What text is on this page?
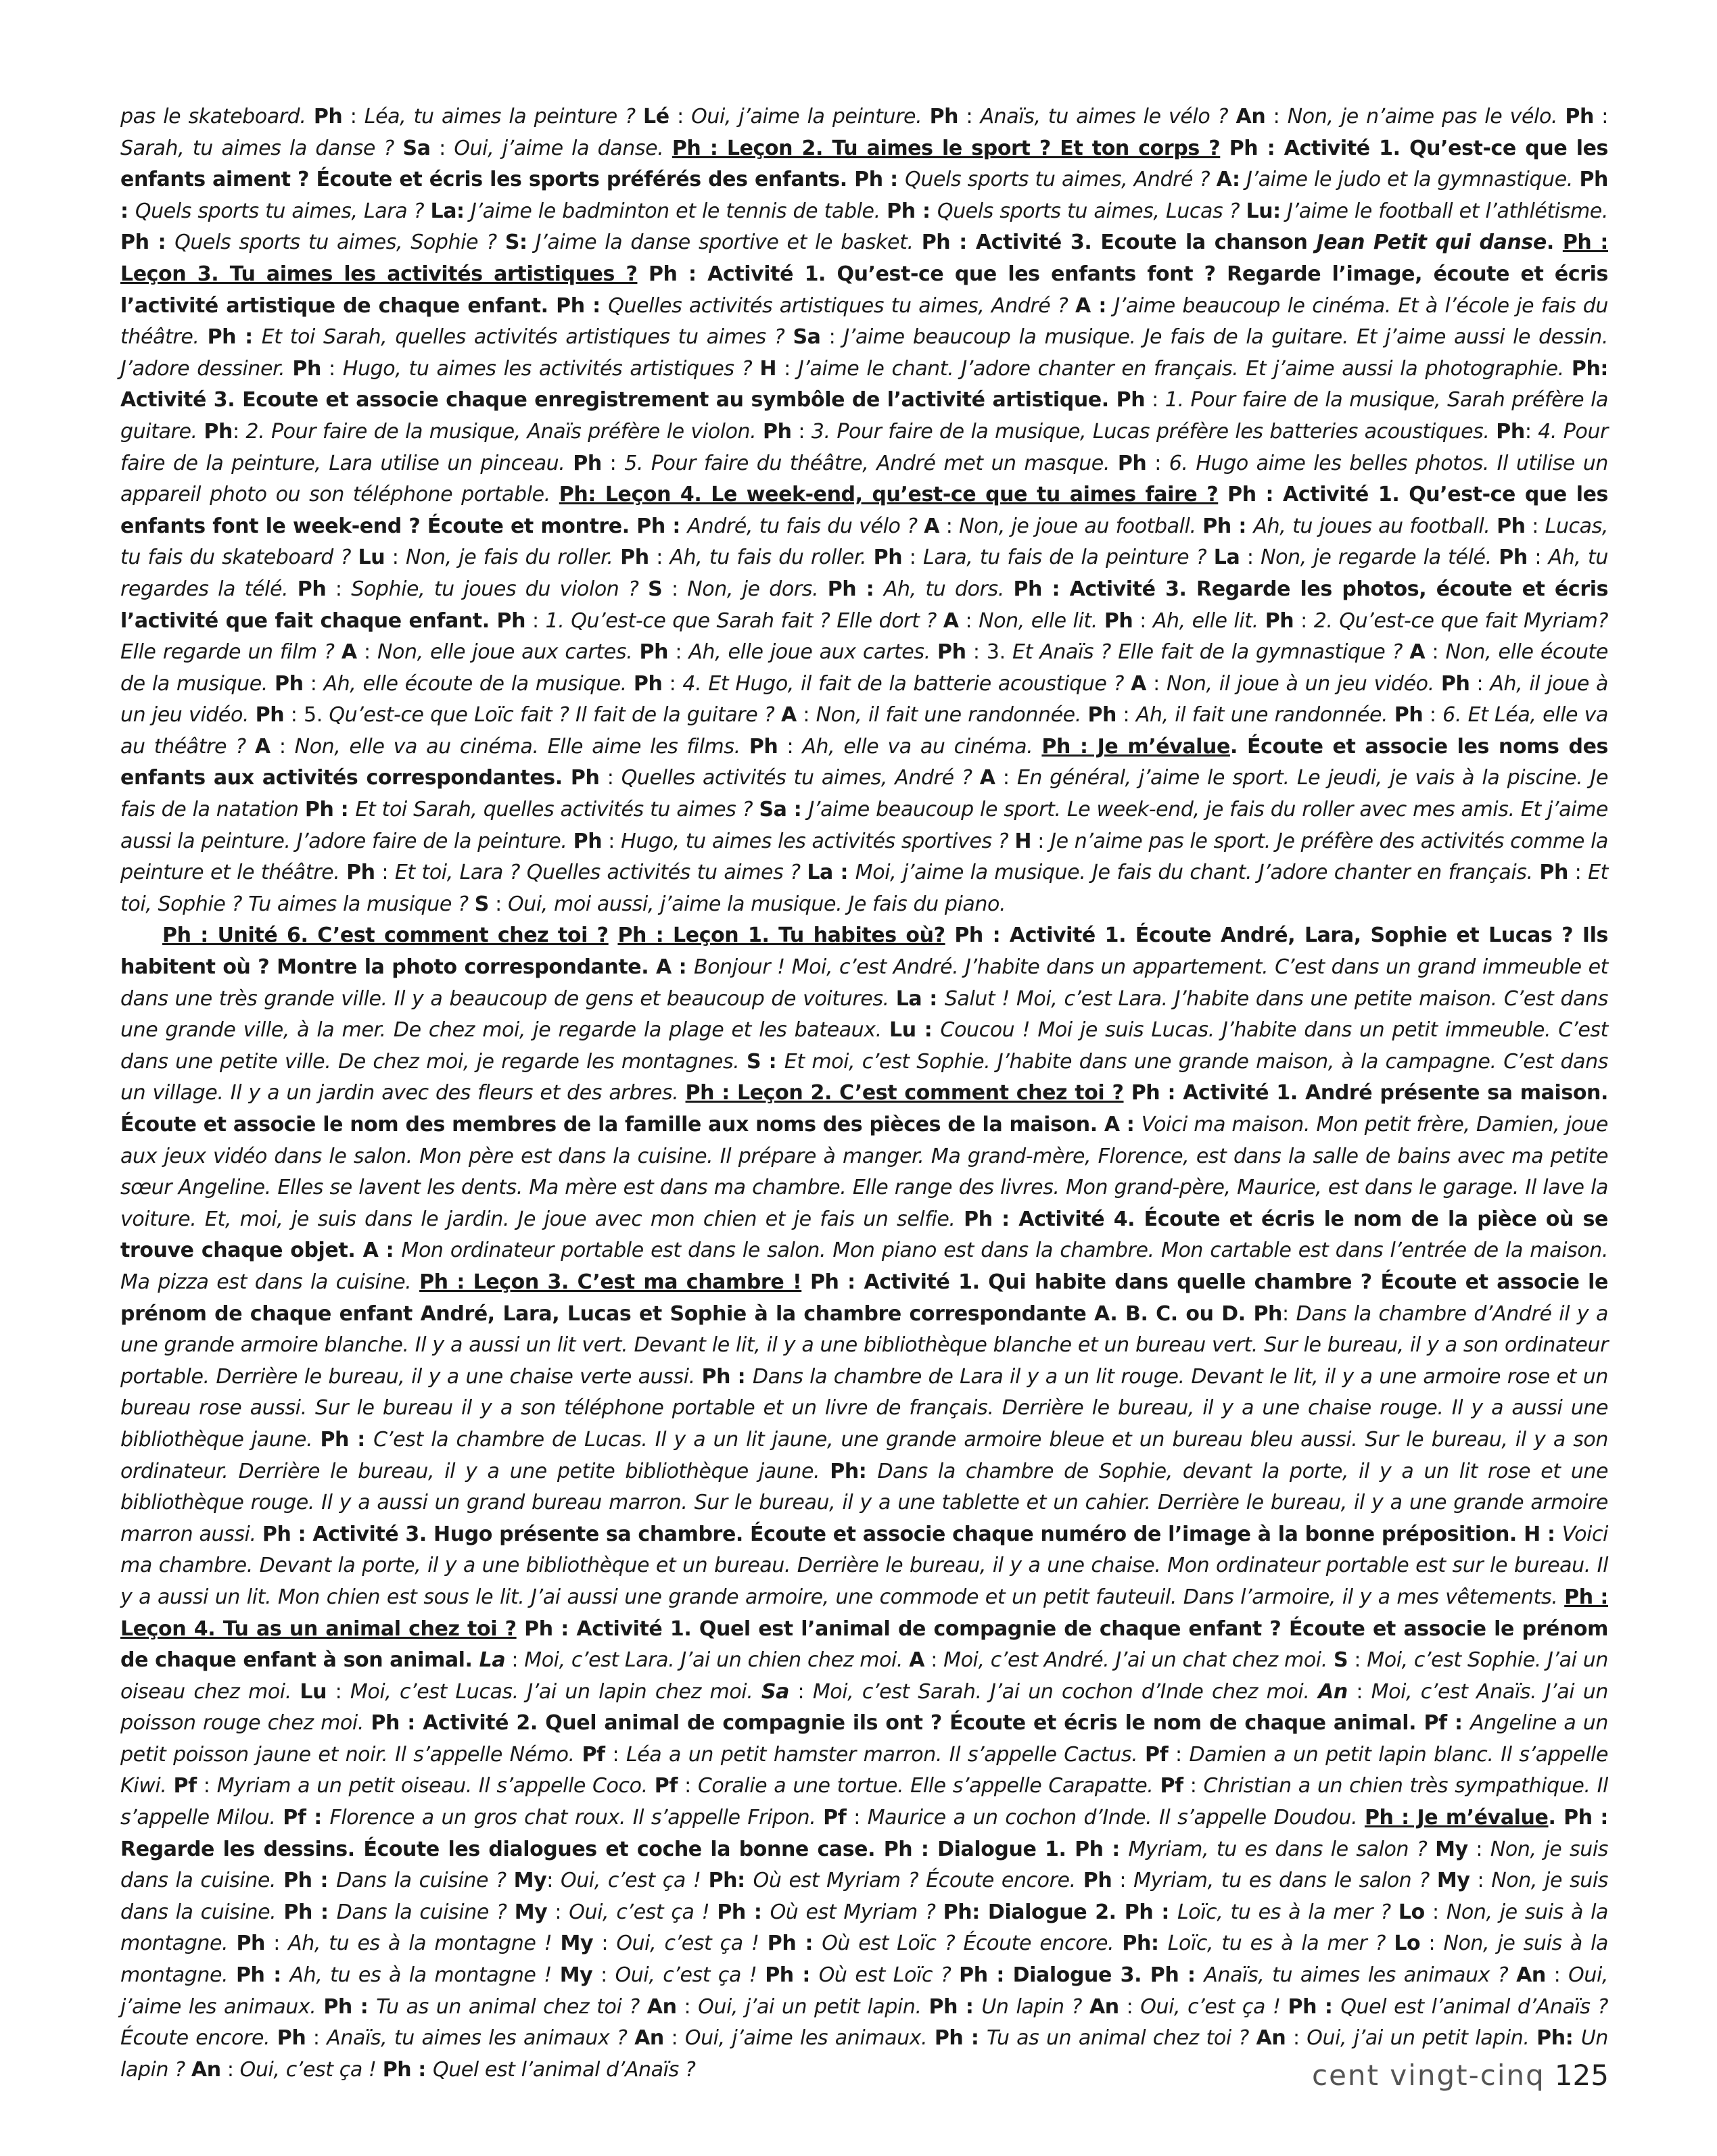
pas le skateboard. Ph : Léa, tu aimes la peinture ? Lé : Oui, j’aime la peinture. Ph : Anaïs, tu aimes le vélo ? An : Non, je n’aime pas le vélo. Ph : Sarah, tu aimes la danse ? Sa : Oui, j’aime la danse. Ph : Leçon 2. Tu aimes le sport ? Et ton corps ? Ph : Activité 1. Qu’est-ce que les enfants aiment ? Écoute et écris les sports préférés des enfants. Ph : Quels sports tu aimes, André ? A: J’aime le judo et la gymnastique. Ph : Quels sports tu aimes, Lara ? La: J’aime le badminton et le tennis de table. Ph : Quels sports tu aimes, Lucas ? Lu: J’aime le football et l’athlétisme. Ph : Quels sports tu aimes, Sophie ? S: J’aime la danse sportive et le basket. Ph : Activité 3. Ecoute la chanson Jean Petit qui danse. Ph : Leçon 3. Tu aimes les activités artistiques ? Ph : Activité 1. Qu’est-ce que les enfants font ? Regarde l’image, écoute et écris l’activité artistique de chaque enfant. Ph : Quelles activités artistiques tu aimes, André ? A : J’aime beaucoup le cinéma. Et à l’école je fais du théâtre. Ph : Et toi Sarah, quelles activités artistiques tu aimes ? Sa : J’aime beaucoup la musique. Je fais de la guitare. Et j’aime aussi le dessin. J’adore dessiner. Ph : Hugo, tu aimes les activités artistiques ? H : J’aime le chant. J’adore chanter en français. Et j’aime aussi la photographie. Ph: Activité 3. Ecoute et associe chaque enregistrement au symbôle de l’activité artistique. Ph : 1. Pour faire de la musique, Sarah préfère la guitare. Ph: 2. Pour faire de la musique, Anaïs préfère le violon. Ph : 3. Pour faire de la musique, Lucas préfère les batteries acoustiques. Ph: 4. Pour faire de la peinture, Lara utilise un pinceau. Ph : 5. Pour faire du théâtre, André met un masque. Ph : 6. Hugo aime les belles photos. Il utilise un appareil photo ou son téléphone portable. Ph: Leçon 4. Le week-end, qu’est-ce que tu aimes faire ? Ph : Activité 1. Qu’est-ce que les enfants font le week-end ? Écoute et montre. Ph : André, tu fais du vélo ? A : Non, je joue au football. Ph : Ah, tu joues au football. Ph : Lucas, tu fais du skateboard ? Lu : Non, je fais du roller. Ph : Ah, tu fais du roller. Ph : Lara, tu fais de la peinture ? La : Non, je regarde la télé. Ph : Ah, tu regardes la télé. Ph : Sophie, tu joues du violon ? S : Non, je dors. Ph : Ah, tu dors. Ph : Activité 3. Regarde les photos, écoute et écris l’activité que fait chaque enfant. Ph : 1. Qu’est-ce que Sarah fait ? Elle dort ? A : Non, elle lit. Ph : Ah, elle lit. Ph : 2. Qu’est-ce que fait Myriam? Elle regarde un film ? A : Non, elle joue aux cartes. Ph : Ah, elle joue aux cartes. Ph : 3. Et Anaïs ? Elle fait de la gymnastique ? A : Non, elle écoute de la musique. Ph : Ah, elle écoute de la musique. Ph : 4. Et Hugo, il fait de la batterie acoustique ? A : Non, il joue à un jeu vidéo. Ph : Ah, il joue à un jeu vidéo. Ph : 5. Qu’est-ce que Loïc fait ? Il fait de la guitare ? A : Non, il fait une randonnée. Ph : Ah, il fait une randonnée. Ph : 6. Et Léa, elle va au théâtre ? A : Non, elle va au cinéma. Elle aime les films. Ph : Ah, elle va au cinéma. Ph : Je m’évalue. Écoute et associe les noms des enfants aux activités correspondantes. Ph : Quelles activités tu aimes, André ? A : En général, j’aime le sport. Le jeudi, je vais à la piscine. Je fais de la natation Ph : Et toi Sarah, quelles activités tu aimes ? Sa : J’aime beaucoup le sport. Le week-end, je fais du roller avec mes amis. Et j’aime aussi la peinture. J’adore faire de la peinture. Ph : Hugo, tu aimes les activités sportives ? H : Je n’aime pas le sport. Je préfère des activités comme la peinture et le théâtre. Ph : Et toi, Lara ? Quelles activités tu aimes ? La : Moi, j’aime la musique. Je fais du chant. J’adore chanter en français. Ph : Et toi, Sophie ? Tu aimes la musique ? S : Oui, moi aussi, j’aime la musique. Je fais du piano.

Ph : Unité 6. C’est comment chez toi ? Ph : Leçon 1. Tu habites où? Ph : Activité 1. Écoute André, Lara, Sophie et Lucas ? Ils habitent où ? Montre la photo correspondante. A : Bonjour ! Moi, c’est André. J’habite dans un appartement. C’est dans un grand immeuble et dans une très grande ville. Il y a beaucoup de gens et beaucoup de voitures. La : Salut ! Moi, c’est Lara. J’habite dans une petite maison. C’est dans une grande ville, à la mer. De chez moi, je regarde la plage et les bateaux. Lu : Coucou ! Moi je suis Lucas. J’habite dans un petit immeuble. C’est dans une petite ville. De chez moi, je regarde les montagnes. S : Et moi, c’est Sophie. J’habite dans une grande maison, à la campagne. C’est dans un village. Il y a un jardin avec des fleurs et des arbres. Ph : Leçon 2. C’est comment chez toi ? Ph : Activité 1. André présente sa maison. Écoute et associe le nom des membres de la famille aux noms des pièces de la maison. A : Voici ma maison. Mon petit frère, Damien, joue aux jeux vidéo dans le salon. Mon père est dans la cuisine. Il prépare à manger. Ma grand-mère, Florence, est dans la salle de bains avec ma petite sœur Angeline. Elles se lavent les dents. Ma mère est dans ma chambre. Elle range des livres. Mon grand-père, Maurice, est dans le garage. Il lave la voiture. Et, moi, je suis dans le jardin. Je joue avec mon chien et je fais un selfie. Ph : Activité 4. Écoute et écris le nom de la pièce où se trouve chaque objet. A : Mon ordinateur portable est dans le salon. Mon piano est dans la chambre. Mon cartable est dans l’entrée de la maison. Ma pizza est dans la cuisine. Ph : Leçon 3. C’est ma chambre ! Ph : Activité 1. Qui habite dans quelle chambre ? Écoute et associe le prénom de chaque enfant André, Lara, Lucas et Sophie à la chambre correspondante A. B. C. ou D. Ph: Dans la chambre d’André il y a une grande armoire blanche. Il y a aussi un lit vert. Devant le lit, il y a une bibliothèque blanche et un bureau vert. Sur le bureau, il y a son ordinateur portable. Derrière le bureau, il y a une chaise verte aussi. Ph : Dans la chambre de Lara il y a un lit rouge. Devant le lit, il y a une armoire rose et un bureau rose aussi. Sur le bureau il y a son téléphone portable et un livre de français. Derrière le bureau, il y a une chaise rouge. Il y a aussi une bibliothèque jaune. Ph : C’est la chambre de Lucas. Il y a un lit jaune, une grande armoire bleue et un bureau bleu aussi. Sur le bureau, il y a son ordinateur. Derrière le bureau, il y a une petite bibliothèque jaune. Ph: Dans la chambre de Sophie, devant la porte, il y a un lit rose et une bibliothèque rouge. Il y a aussi un grand bureau marron. Sur le bureau, il y a une tablette et un cahier. Derrière le bureau, il y a une grande armoire marron aussi. Ph : Activité 3. Hugo présente sa chambre. Écoute et associe chaque numéro de l’image à la bonne préposition. H : Voici ma chambre. Devant la porte, il y a une bibliothèque et un bureau. Derrière le bureau, il y a une chaise. Mon ordinateur portable est sur le bureau. Il y a aussi un lit. Mon chien est sous le lit. J’ai aussi une grande armoire, une commode et un petit fauteuil. Dans l’armoire, il y a mes vêtements. Ph : Leçon 4. Tu as un animal chez toi ? Ph : Activité 1. Quel est l’animal de compagnie de chaque enfant ? Écoute et associe le prénom de chaque enfant à son animal. La : Moi, c’est Lara. J’ai un chien chez moi. A : Moi, c’est André. J’ai un chat chez moi. S : Moi, c’est Sophie. J’ai un oiseau chez moi. Lu : Moi, c’est Lucas. J’ai un lapin chez moi. Sa : Moi, c’est Sarah. J’ai un cochon d’Inde chez moi. An : Moi, c’est Anaïs. J’ai un poisson rouge chez moi. Ph : Activité 2. Quel animal de compagnie ils ont ? Écoute et écris le nom de chaque animal. Pf : Angeline a un petit poisson jaune et noir. Il s’appelle Némo. Pf : Léa a un petit hamster marron. Il s’appelle Cactus. Pf : Damien a un petit lapin blanc. Il s’appelle Kiwi. Pf : Myriam a un petit oiseau. Il s’appelle Coco. Pf : Coralie a une tortue. Elle s’appelle Carapatte. Pf : Christian a un chien très sympathique. Il s’appelle Milou. Pf : Florence a un gros chat roux. Il s’appelle Fripon. Pf : Maurice a un cochon d’Inde. Il s’appelle Doudou. Ph : Je m’évalue. Ph : Regarde les dessins. Écoute les dialogues et coche la bonne case. Ph : Dialogue 1. Ph : Myriam, tu es dans le salon ? My : Non, je suis dans la cuisine. Ph : Dans la cuisine ? My: Oui, c’est ça ! Ph: Où est Myriam ? Écoute encore. Ph : Myriam, tu es dans le salon ? My : Non, je suis dans la cuisine. Ph : Dans la cuisine ? My : Oui, c’est ça ! Ph : Où est Myriam ? Ph: Dialogue 2. Ph : Loïc, tu es à la mer ? Lo : Non, je suis à la montagne. Ph : Ah, tu es à la montagne ! My : Oui, c’est ça ! Ph : Où est Loïc ? Écoute encore. Ph: Loïc, tu es à la mer ? Lo : Non, je suis à la montagne. Ph : Ah, tu es à la montagne ! My : Oui, c’est ça ! Ph : Où est Loïc ? Ph : Dialogue 3. Ph : Anaïs, tu aimes les animaux ? An : Oui, j’aime les animaux. Ph : Tu as un animal chez toi ? An : Oui, j’ai un petit lapin. Ph : Un lapin ? An : Oui, c’est ça ! Ph : Quel est l’animal d’Anaïs ? Écoute encore. Ph : Anaïs, tu aimes les animaux ? An : Oui, j’aime les animaux. Ph : Tu as un animal chez toi ? An : Oui, j’ai un petit lapin. Ph: Un lapin ? An : Oui, c’est ça ! Ph : Quel est l’animal d’Anaïs ?	cent vingt-cinq 125
